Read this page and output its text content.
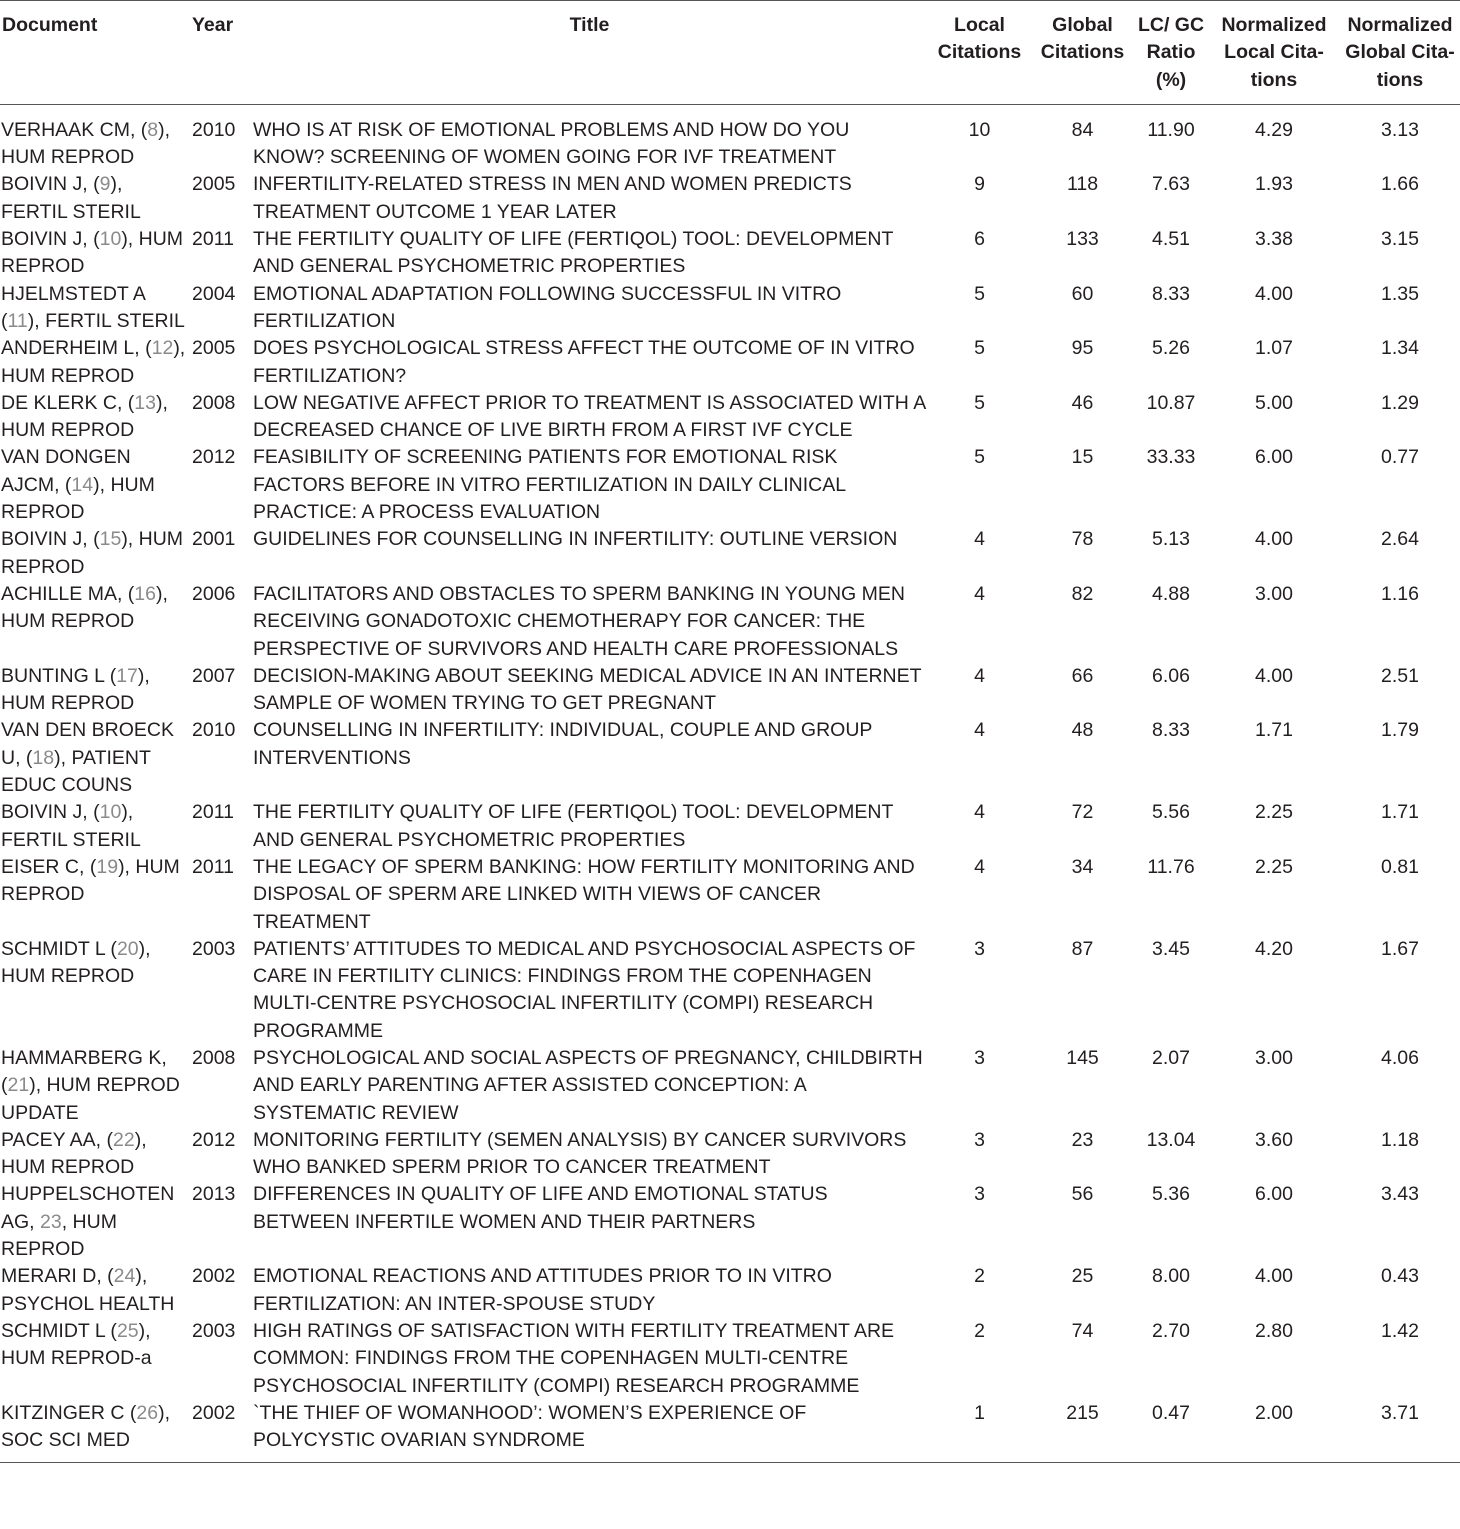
Document	Year	Title	Local Citations	Global Citations	LC/ GC Ratio (%)	Normalized Local Cita- tions	Normalized Global Cita- tions
VERHAAK CM, (8), HUM REPROD	2010	WHO IS AT RISK OF EMOTIONAL PROBLEMS AND HOW DO YOU KNOW? SCREENING OF WOMEN GOING FOR IVF TREATMENT	10	84	11.90	4.29	3.13
BOIVIN J, (9), FERTIL STERIL	2005	INFERTILITY-RELATED STRESS IN MEN AND WOMEN PREDICTS TREATMENT OUTCOME 1 YEAR LATER	9	118	7.63	1.93	1.66
BOIVIN J, (10), HUM REPROD	2011	THE FERTILITY QUALITY OF LIFE (FERTIQOL) TOOL: DEVELOPMENT AND GENERAL PSYCHOMETRIC PROPERTIES	6	133	4.51	3.38	3.15
HJELMSTEDT A (11), FERTIL STERIL	2004	EMOTIONAL ADAPTATION FOLLOWING SUCCESSFUL IN VITRO FERTILIZATION	5	60	8.33	4.00	1.35
ANDERHEIM L, (12), HUM REPROD	2005	DOES PSYCHOLOGICAL STRESS AFFECT THE OUTCOME OF IN VITRO FERTILIZATION?	5	95	5.26	1.07	1.34
DE KLERK C, (13), HUM REPROD	2008	LOW NEGATIVE AFFECT PRIOR TO TREATMENT IS ASSOCIATED WITH A DECREASED CHANCE OF LIVE BIRTH FROM A FIRST IVF CYCLE	5	46	10.87	5.00	1.29
VAN DONGEN AJCM, (14), HUM REPROD	2012	FEASIBILITY OF SCREENING PATIENTS FOR EMOTIONAL RISK FACTORS BEFORE IN VITRO FERTILIZATION IN DAILY CLINICAL PRACTICE: A PROCESS EVALUATION	5	15	33.33	6.00	0.77
BOIVIN J, (15), HUM REPROD	2001	GUIDELINES FOR COUNSELLING IN INFERTILITY: OUTLINE VERSION	4	78	5.13	4.00	2.64
ACHILLE MA, (16), HUM REPROD	2006	FACILITATORS AND OBSTACLES TO SPERM BANKING IN YOUNG MEN RECEIVING GONADOTOXIC CHEMOTHERAPY FOR CANCER: THE PERSPECTIVE OF SURVIVORS AND HEALTH CARE PROFESSIONALS	4	82	4.88	3.00	1.16
BUNTING L (17), HUM REPROD	2007	DECISION-MAKING ABOUT SEEKING MEDICAL ADVICE IN AN INTERNET SAMPLE OF WOMEN TRYING TO GET PREGNANT	4	66	6.06	4.00	2.51
VAN DEN BROECK U, (18), PATIENT EDUC COUNS	2010	COUNSELLING IN INFERTILITY: INDIVIDUAL, COUPLE AND GROUP INTERVENTIONS	4	48	8.33	1.71	1.79
BOIVIN J, (10), FERTIL STERIL	2011	THE FERTILITY QUALITY OF LIFE (FERTIQOL) TOOL: DEVELOPMENT AND GENERAL PSYCHOMETRIC PROPERTIES	4	72	5.56	2.25	1.71
EISER C, (19), HUM REPROD	2011	THE LEGACY OF SPERM BANKING: HOW FERTILITY MONITORING AND DISPOSAL OF SPERM ARE LINKED WITH VIEWS OF CANCER TREATMENT	4	34	11.76	2.25	0.81
SCHMIDT L (20), HUM REPROD	2003	PATIENTS’ ATTITUDES TO MEDICAL AND PSYCHOSOCIAL ASPECTS OF CARE IN FERTILITY CLINICS: FINDINGS FROM THE COPENHAGEN MULTI-CENTRE PSYCHOSOCIAL INFERTILITY (COMPI) RESEARCH PROGRAMME	3	87	3.45	4.20	1.67
HAMMARBERG K, (21), HUM REPROD UPDATE	2008	PSYCHOLOGICAL AND SOCIAL ASPECTS OF PREGNANCY, CHILDBIRTH AND EARLY PARENTING AFTER ASSISTED CONCEPTION: A SYSTEMATIC REVIEW	3	145	2.07	3.00	4.06
PACEY AA, (22), HUM REPROD	2012	MONITORING FERTILITY (SEMEN ANALYSIS) BY CANCER SURVIVORS WHO BANKED SPERM PRIOR TO CANCER TREATMENT	3	23	13.04	3.60	1.18
HUPPELSCHOTEN AG, 23, HUM REPROD	2013	DIFFERENCES IN QUALITY OF LIFE AND EMOTIONAL STATUS BETWEEN INFERTILE WOMEN AND THEIR PARTNERS	3	56	5.36	6.00	3.43
MERARI D, (24), PSYCHOL HEALTH	2002	EMOTIONAL REACTIONS AND ATTITUDES PRIOR TO IN VITRO FERTILIZATION: AN INTER-SPOUSE STUDY	2	25	8.00	4.00	0.43
SCHMIDT L (25), HUM REPROD-a	2003	HIGH RATINGS OF SATISFACTION WITH FERTILITY TREATMENT ARE COMMON: FINDINGS FROM THE COPENHAGEN MULTI-CENTRE PSYCHOSOCIAL INFERTILITY (COMPI) RESEARCH PROGRAMME	2	74	2.70	2.80	1.42
KITZINGER C (26), SOC SCI MED	2002	`THE THIEF OF WOMANHOOD’: WOMEN’S EXPERIENCE OF POLYCYSTIC OVARIAN SYNDROME	1	215	0.47	2.00	3.71
